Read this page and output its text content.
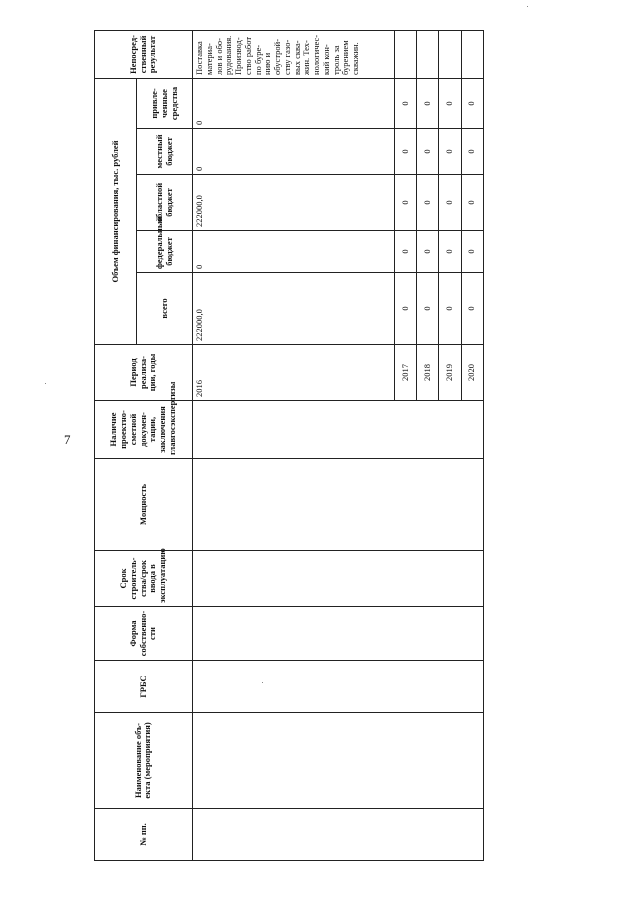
7
№ пп.	Наименование объ-екта (мероприятия)	ГРБС	Форма собственно-сти	Срок строитель-ства/срок ввода в эксплуатацию	Мощность	Наличие проектно-сметной докумен-тации, заключения главгосэкспертизы	Период реализа-ции, годы	Объем финансирования, тыс. рублей					Непосред-ственный результат
								всего	федеральный бюджет	областной бюджет	местный бюджет	привле-ченные средства	
							2016	222000,0	0	222000,0	0	0	Поставка материа-лов и обо-рудования. Производ-ство работ по буре-нию и обустрой-ству газо-вых сква-жин. Тех-нологичес-кий кон-троль за бурением скважин.
							2017	0	0	0	0	0	
							2018	0	0	0	0	0	
							2019	0	0	0	0	0	
							2020	0	0	0	0	0	
